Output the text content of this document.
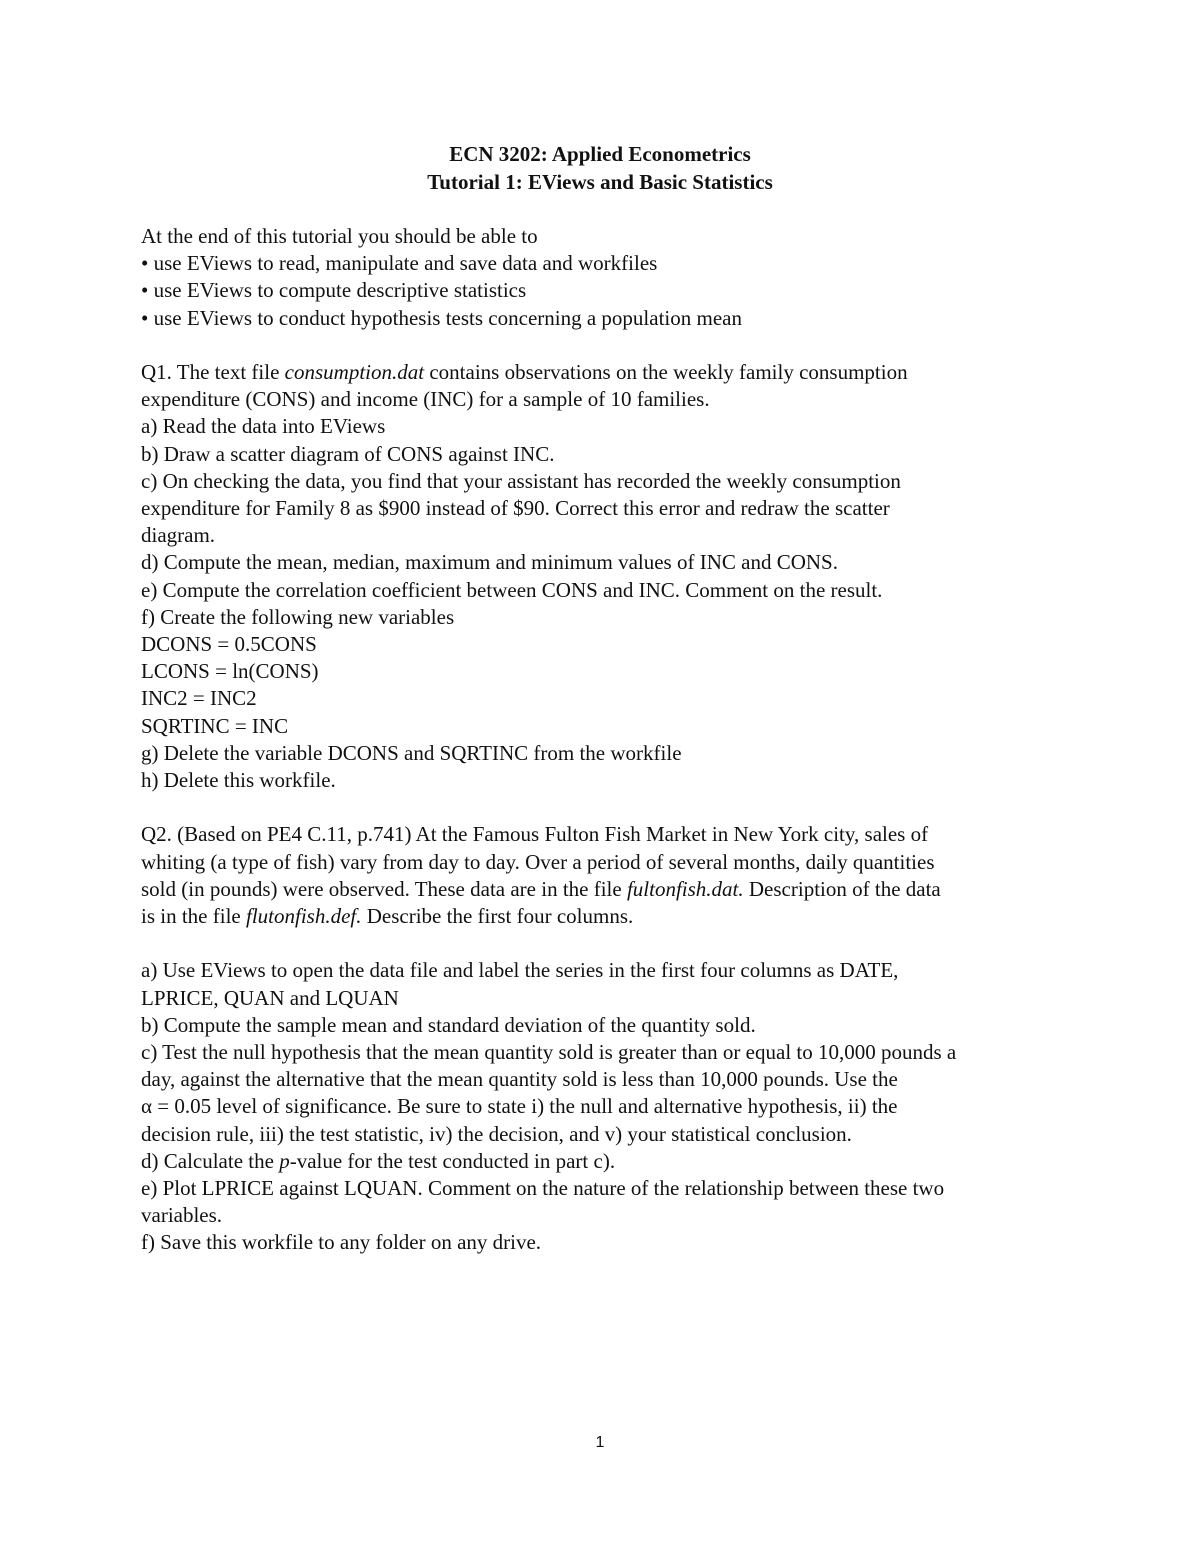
ECN 3202: Applied Econometrics

Tutorial 1: EViews and Basic Statistics

At the end of this tutorial you should be able to
• use EViews to read, manipulate and save data and workfiles
• use EViews to compute descriptive statistics
• use EViews to conduct hypothesis tests concerning a population mean
Q1. The text file consumption.dat contains observations on the weekly family consumption
expenditure (CONS) and income (INC) for a sample of 10 families.
a) Read the data into EViews
b) Draw a scatter diagram of CONS against INC.
c) On checking the data, you find that your assistant has recorded the weekly consumption
expenditure for Family 8 as $900 instead of $90. Correct this error and redraw the scatter
diagram.
d) Compute the mean, median, maximum and minimum values of INC and CONS.
e) Compute the correlation coefficient between CONS and INC. Comment on the result.
f) Create the following new variables
DCONS = 0.5CONS
LCONS = ln(CONS)
INC2 = INC2
SQRTINC = INC
g) Delete the variable DCONS and SQRTINC from the workfile
h) Delete this workfile.
Q2. (Based on PE4 C.11, p.741) At the Famous Fulton Fish Market in New York city, sales of
whiting (a type of fish) vary from day to day. Over a period of several months, daily quantities
sold (in pounds) were observed. These data are in the file fultonfish.dat. Description of the data
is in the file flutonfish.def. Describe the first four columns.
a) Use EViews to open the data file and label the series in the first four columns as DATE,
LPRICE, QUAN and LQUAN
b) Compute the sample mean and standard deviation of the quantity sold.
c) Test the null hypothesis that the mean quantity sold is greater than or equal to 10,000 pounds a
day, against the alternative that the mean quantity sold is less than 10,000 pounds. Use the
α = 0.05 level of significance. Be sure to state i) the null and alternative hypothesis, ii) the
decision rule, iii) the test statistic, iv) the decision, and v) your statistical conclusion.
d) Calculate the p-value for the test conducted in part c).
e) Plot LPRICE against LQUAN. Comment on the nature of the relationship between these two
variables.
f) Save this workfile to any folder on any drive.
1
